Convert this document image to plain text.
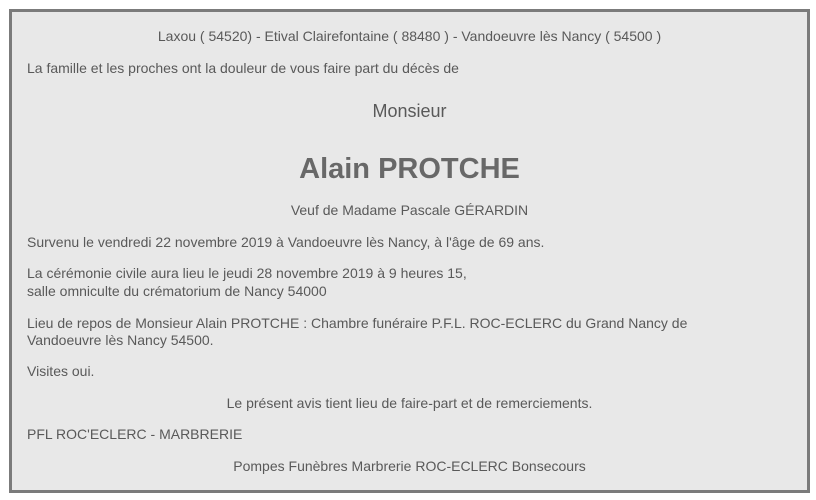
Laxou ( 54520) - Etival Clairefontaine ( 88480 ) - Vandoeuvre lès Nancy ( 54500 )
La famille et les proches ont la douleur de vous faire part du décès de
Monsieur
Alain PROTCHE
Veuf de Madame Pascale GÉRARDIN
Survenu le vendredi 22 novembre 2019 à Vandoeuvre lès Nancy, à l'âge de 69 ans.
La cérémonie civile aura lieu le jeudi 28 novembre 2019 à 9 heures 15,
salle omniculte du crématorium de Nancy 54000
Lieu de repos de Monsieur Alain PROTCHE : Chambre funéraire P.F.L. ROC-ECLERC du Grand Nancy de
Vandoeuvre lès Nancy 54500.
Visites oui.
Le présent avis tient lieu de faire-part et de remerciements.
PFL ROC'ECLERC - MARBRERIE
Pompes Funèbres Marbrerie ROC-ECLERC Bonsecours
